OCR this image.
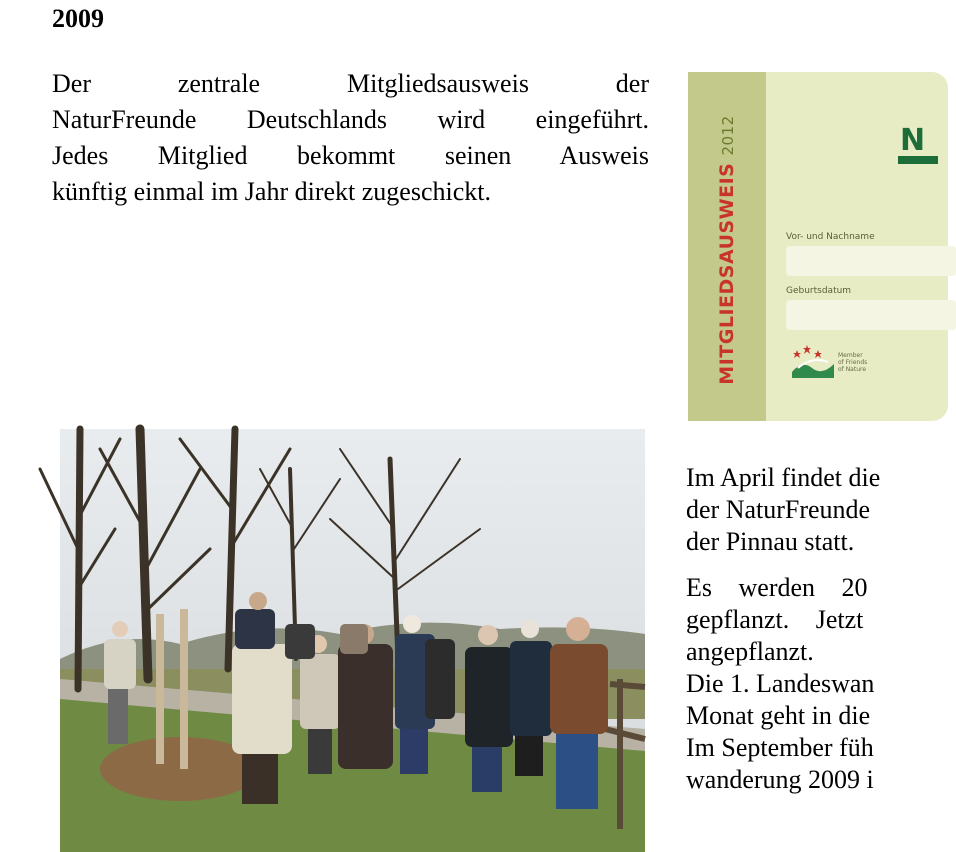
2009
Der zentrale Mitgliedsausweis der
NaturFreunde Deutschlands wird eingeführt.
Jedes Mitglied bekommt seinen Ausweis
künftig einmal im Jahr direkt zugeschickt.	MITGLIEDSAUSWEIS 2012	N
Vor- und Nachname
Geburtsdatum
Member
of Friends
of Nature
Im April findet die
der NaturFreunde
der Pinnau statt.
Es werden 20
gepflanzt. Jetzt
angepflanzt.
Die 1. Landeswan
Monat geht in die
Im September füh
wanderung 2009 i
